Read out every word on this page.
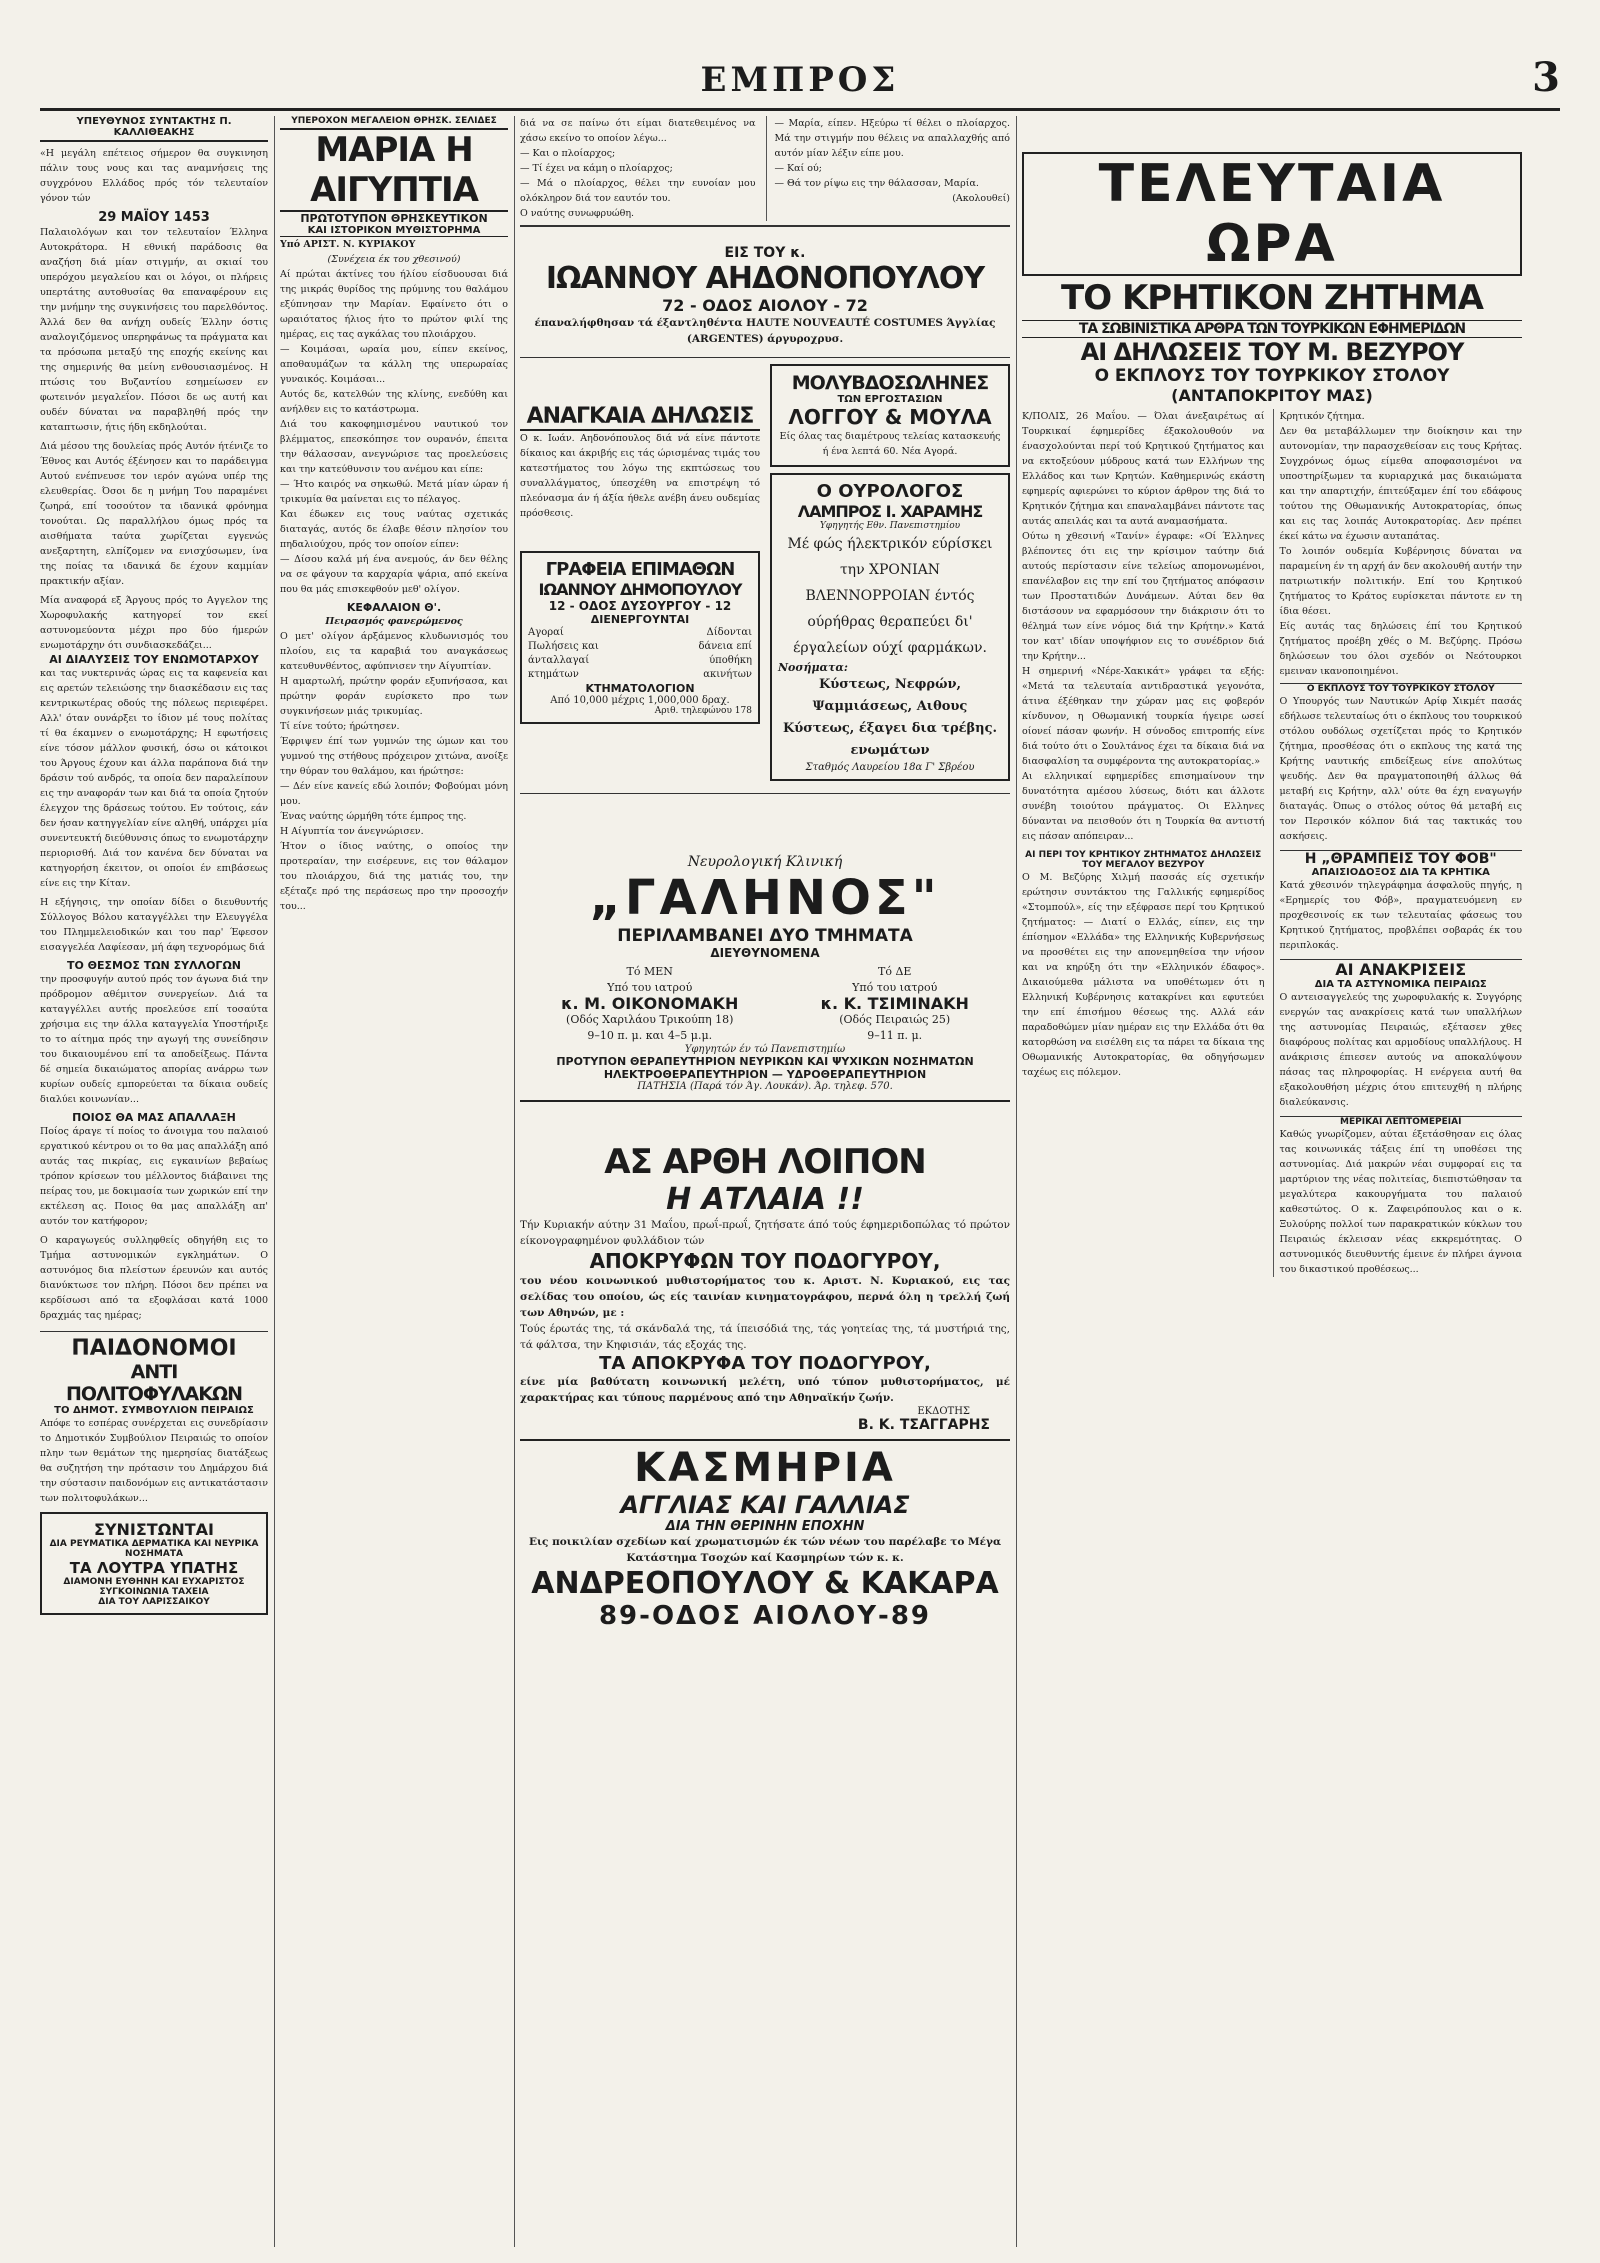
ΕΜΠΡΟΣ	3
ΥΠΕΥΘΥΝΟΣ ΣΥΝΤΑΚΤΗΣ Π. ΚΑΛΛΙΘΕΑΚΗΣ
«Η μεγάλη επέτειος σήμερον θα συγκινηση πάλιν τους νους και τας αναμνήσεις της συγχρόνου Ελλάδος πρός τόν τελευταίον γόνον τών
29 ΜΑΪΟΥ 1453
Παλαιολόγων και τον τελευταίον Έλληνα Αυτοκράτορα. Η εθνική παράδοσις θα αναζήση διά μίαν στιγμήν, αι σκιαί του υπερόχου μεγαλείου και οι λόγοι, οι πλήρεις υπερτάτης αυτοθυσίας θα επαναφέρουν εις την μνήμην της συγκινήσεις του παρελθόντος. Άλλά δεν θα ανήχη ουδείς Έλλην όστις αναλογιζόμενος υπερηφάνως τα πράγματα και τα πρόσωπα μεταξύ της εποχής εκείνης και της σημερινής θα μείνη ενθουσιασμένος. Η πτώσις του Βυζαντίου εσημείωσεν εν φωτεινόν μεγαλεΐον. Πόσοι δε ως αυτή και ουδέν δύναται να παραβληθή πρός την καταπτωσιν, ήτις ήδη εκδηλούται.
Διά μέσου της δουλείας πρός Αυτόν ήτένιζε το Έθνος και Αυτός έξένησεν και το παράδειγμα Αυτού ενέπνευσε τον ιερόν αγώνα υπέρ της ελευθερίας. Όσοι δε η μνήμη Του παραμένει ζωηρά, επί τοσούτον τα ιδανικά φρόνημα τονούται. Ως παραλλήλου όμως πρός τα αισθήματα ταύτα χωρίζεται εγγενώς ανεξαρτητη, ελπίζομεν να ενισχύσωμεν, ίνα της ποίας τα ιδανικά δε έχουν καμμίαν πρακτικήν αξίαν.
Μία αναφορά εξ Άργους πρός το Αγγελον της Χωροφυλακής κατηγορεί τον εκεί αστυνομεύοντα μέχρι προ δύο ήμερών ενωμοτάρχην ότι συνδιασκεδάζει...
ΑΙ ΔΙΑΛΥΣΕΙΣ ΤΟΥ ΕΝΩΜΟΤΑΡΧΟΥ
και τας νυκτερινάς ώρας εις τα καφενεία και εις αρετών τελειώσης την διασκέδασιν εις τας κεντρικωτέρας οδούς της πόλεως περιεφέρει. Αλλ' όταν ουνάρξει το ίδιον μέ τους πολίτας τί θα έκαμνεν ο ενωμοτάρχης; Η εφωτήσεις είνε τόσον μάλλον φυσική, όσω οι κάτοικοι του Άργους έχουν και άλλα παράπονα διά την δράσιν τού ανδρός, τα οποία δεν παραλείπουν εις την αναφοράν των και διά τα οποία ζητούν έλεγχον της δράσεως τούτου. Εν τούτοις, εάν δεν ήσαν κατηγγελίαν είνε αληθή, υπάρχει μία συνεντευκτή διεύθυνσις όπως το ενωμοτάρχην περιορισθή. Διά τον κανένα δεν δύναται να κατηγορήση έκειτον, οι οποίοι έν επιβάσεως είνε εις την Κίταν.
Η εξήγησις, την οποίαν δίδει ο διευθυντής Σύλλογος Βόλου καταγγέλλει την Ελευγγέλα του Πλημμελειοδικών και του παρ' Έφεσον εισαγγελέα Λαφίεσαν, μή άφη τεχνορόμως διά
ΤΟ ΘΕΣΜΟΣ ΤΩΝ ΣΥΛΛΟΓΩΝ
την προσφυγήν αυτού πρός τον άγωνα διά την πρόδρομον αθέμιτον συνεργείων. Διά τα καταγγέλλει αυτής προελεύσε επί τοσαύτα χρήσιμα εις την άλλα καταγγελία Υποστήριξε το το αίτημα πρός την αγωγή της συνείδησιν του δικαιουμένου επί τα αποδείξεως. Πάντα δέ σημεία δικαιώματος απορίας ανάρρω των κυρίων ουδείς εμπορεύεται τα δίκαια ουδείς διαλύει κοινωνίαν...
ΠΟΙΟΣ ΘΑ ΜΑΣ ΑΠΑΛΛΑΞΗ
Ποίος άραγε τί ποίος το άνοιγμα του παλαιού εργατικού κέντρου οι το θα μας απαλλάξη από αυτάς τας πικρίας, εις εγκαινίων βεβαίως τρόπον κρίσεων του μέλλοντος διάβαινει της πείρας του, με δοκιμασία των χωρικών επί την εκτέλεση ας. Ποιος θα μας απαλλάξη απ' αυτόν τον κατήφορον;
Ο καραγωγεύς συλληφθείς οδηγήθη εις το Τμήμα αστυνομικών εγκλημάτων. Ο αστυνόμος δια πλείστων έρευνών και αυτός διανύκτωσε τον πλήρη. Πόσοι δεν πρέπει να κερδίσωσι από τα εξοφλάσαι κατά 1000 δραχμάς τας ημέρας;
ΠΑΙΔΟΝΟΜΟΙ
ΑΝΤΙ ΠΟΛΙΤΟΦΥΛΑΚΩΝ
ΤΟ ΔΗΜΟΤ. ΣΥΜΒΟΥΛΙΟΝ ΠΕΙΡΑΙΩΣ
Απόφε το εσπέρας συνέρχεται εις συνεδρίασιν το Δημοτικόν Συμβούλιον Πειραιώς το οποίον πλην των θεμάτων της ημερησίας διατάξεως θα συζητήση την πρότασιν του Δημάρχου διά την σύστασιν παιδονόμων εις αντικατάστασιν των πολιτοφυλάκων...
ΣΥΝΙΣΤΩΝΤΑΙ
ΔΙΑ ΡΕΥΜΑΤΙΚΑ ΔΕΡΜΑΤΙΚΑ ΚΑΙ ΝΕΥΡΙΚΑ ΝΟΣΗΜΑΤΑ
ΤΑ ΛΟΥΤΡΑ ΥΠΑΤΗΣ
ΔΙΑΜΟΝΗ ΕΥΘΗΝΗ ΚΑΙ ΕΥΧΑΡΙΣΤΟΣ
ΣΥΓΚΟΙΝΩΝΙΑ ΤΑΧΕΙΑ
ΔΙΑ ΤΟΥ ΛΑΡΙΣΣΑΙΚΟΥ
ΥΠΕΡΟΧΟΝ ΜΕΓΑΛΕΙΟΝ ΘΡΗΣΚ. ΣΕΛΙΔΕΣ
ΜΑΡΙΑ Η ΑΙΓΥΠΤΙΑ
ΠΡΩΤΟΤΥΠΟΝ ΘΡΗΣΚΕΥΤΙΚΟΝ
ΚΑΙ ΙΣΤΟΡΙΚΟΝ ΜΥΘΙΣΤΟΡΗΜΑ
Υπό ΑΡΙΣΤ. Ν. ΚΥΡΙΑΚΟΥ
(Συνέχεια έκ του χθεσινού)
Αί πρώται άκτίνες του ήλίου είσδυουσαι διά της μικράς θυρίδος της πρύμνης του θαλάμου εξύπνησαν την Μαρίαν. Εφαίνετο ότι ο ωραιότατος ήλιος ήτο το πρώτον φιλί της ημέρας, εις τας αγκάλας του πλοιάρχου.
— Κοιμάσαι, ωραία μου, είπεν εκείνος, αποθαυμάζων τα κάλλη της υπερωραίας γυναικός. Κοιμάσαι...
Αυτός δε, κατελθών της κλίνης, ενεδύθη και ανήλθεν εις το κατάστρωμα.
Διά του κακοφημισμένου ναυτικού τον βλέμματος, επεσκόπησε τον ουρανόν, έπειτα την θάλασσαν, ανεγνώρισε τας προελεύσεις και την κατεύθυνσιν του ανέμου και είπε:
— Ήτο καιρός να σηκωθώ. Μετά μίαν ώραν ή τρικυμία θα μαίνεται εις το πέλαγος.
Και έδωκεν εις τους ναύτας σχετικάς διαταγάς, αυτός δε έλαβε θέσιν πλησίον του πηδαλιούχου, πρός τον οποίον είπεν:
— Δίσου καλά μή ένα ανεμούς, άν δεν θέλης να σε φάγουν τα καρχαρία ψάρια, από εκείνα που θα μάς επισκεφθούν μεθ' ολίγον.
ΚΕΦΑΛΑΙΟΝ Θ'.
Πειρασμός φανερώμενος
Ο μετ' ολίγον άρξάμενος κλυδωνισμός του πλοίου, εις τα καραβιά του αναγκάσεως κατευθυνθέντος, αφύπνισεν την Αίγυπτίαν.
Η αμαρτωλή, πρώτην φοράν εξυπνήσασα, και πρώτην φοράν ευρίσκετο προ των συγκινήσεων μιάς τρικυμίας.
Τί είνε τούτο; ήρώτησεν.
Έφριψεν έπί των γυμνών της ώμων και του γυμνού της στήθους πρόχειρον χιτώνα, ανοίξε την θύραν του θαλάμου, και ήρώτησε:
— Δέν είνε κανείς εδώ λοιπόν; Φοβούμαι μόνη μου.
Ένας ναύτης ώρμήθη τότε έμπρος της.
Η Αίγυπτία τον άνεγνώρισεν.
Ήτον ο ίδιος ναύτης, ο οποίος την προτεραίαν, την εισέρευνε, εις τον θάλαμον του πλοιάρχου, διά της ματιάς του, την εξέταζε πρό της περάσεως προ την προσοχήν του...
διά να σε παίνω ότι είμαι διατεθειμένος να χάσω εκείνο το οποίον λέγω...
— Και ο πλοίαρχος;
— Τί έχει να κάμη ο πλοίαρχος;
— Μά ο πλοίαρχος, θέλει την ευνοίαν μου ολόκληρον διά τον εαυτόν του.
Ο ναύτης συνωφρυώθη.
— Μαρία, είπεν. Ηξεύρω τί θέλει ο πλοίαρχος. Μά την στιγμήν που θέλεις να απαλλαχθής από αυτόν μίαν λέξιν είπε μου.
— Καί ού;
— Θά τον ρίψω εις την θάλασσαν, Μαρία.
(Ακολουθεί)
ΕΙΣ ΤΟΥ κ.
ΙΩΑΝΝΟΥ ΑΗΔΟΝΟΠΟΥΛΟΥ
72 - ΟΔΟΣ ΑΙΟΛΟΥ - 72
έπαναλήφθησαν τά έξαντληθέντα HAUTE NOUVEAUTÉ COSTUMES Άγγλίας (ARGENTES) άργυροχρυσ.
ΑΝΑΓΚΑΙΑ ΔΗΛΩΣΙΣ
Ο κ. Ιωάν. Αηδονόπουλος διά νά είνε πάντοτε δίκαιος και άκριβής εις τάς ώρισμένας τιμάς του κατεστήματος του λόγω της εκπτώσεως του συναλλάγματος, ύπεσχέθη να επιστρέψη τό πλεόνασμα άν ή άξία ήθελε ανέβη άνευ ουδεμίας πρόσθεσις.
ΓΡΑΦΕΙΑ ΕΠΙΜΑΘΩΝ
ΙΩΑΝΝΟΥ ΔΗΜΟΠΟΥΛΟΥ
12 - ΟΔΟΣ ΔΥΣΟΥΡΓΟΥ - 12
ΔΙΕΝΕΡΓΟΥΝΤΑΙ
Αγοραί
Πωλήσεις και
άνταλλαγαί
κτημάτων
Δίδονται
δάνεια επί
ύποθήκη
ακινήτων
ΚΤΗΜΑΤΟΛΟΓΙΟΝ
Από 10,000 μέχρις 1,000,000 δραχ.
Αριθ. τηλεφώνου 178
ΜΟΛΥΒΔΟΣΩΛΗΝΕΣ
ΤΩΝ ΕΡΓΟΣΤΑΣΙΩΝ
ΛΟΓΓΟΥ & ΜΟΥΛΑ
Είς όλας τας διαμέτρους τελείας κατασκευής ή ένα λεπτά 60. Νέα Αγορά.
Ο ΟΥΡΟΛΟΓΟΣ
ΛΑΜΠΡΟΣ Ι. ΧΑΡΑΜΗΣ
Υφηγητής Εθν. Πανεπιστημίου
Μέ φώς ήλεκτρικόν εύρίσκει την ΧΡΟΝΙΑΝ ΒΛΕΝΝΟΡΡΟΙΑΝ έντός ούρήθρας θεραπεύει δι' έργαλείων ούχί φαρμάκων.
Νοσήματα:
Κύστεως, Νεφρών, Ψαμμιάσεως, Αιθους Κύστεως, έξαγει δια τρέβης. ενωμάτων
Σταθμός Λαυρείου 18α Γ' Σβρέου
Νευρολογική Κλινική
„ΓΑΛΗΝΟΣ"
ΠΕΡΙΛΑΜΒΑΝΕΙ ΔΥΟ ΤΜΗΜΑΤΑ
ΔΙΕΥΘΥΝΟΜΕΝΑ
Τό ΜΕΝ
Υπό του ιατρού
κ. Μ. ΟΙΚΟΝΟΜΑΚΗ
(Οδός Χαριλάου Τρικούπη 18)
9–10 π. μ. και 4–5 μ.μ.
Τό ΔΕ
Υπό του ιατρού
κ. Κ. ΤΣΙΜΙΝΑΚΗ
(Οδός Πειραιώς 25)
9–11 π. μ.
Υφηγητών έν τώ Πανεπιστημίω
ΠΡΟΤΥΠΟΝ ΘΕΡΑΠΕΥΤΗΡΙΟΝ ΝΕΥΡΙΚΩΝ ΚΑΙ ΨΥΧΙΚΩΝ ΝΟΣΗΜΑΤΩΝ
ΗΛΕΚΤΡΟΘΕΡΑΠΕΥΤΗΡΙΟΝ — ΥΔΡΟΘΕΡΑΠΕΥΤΗΡΙΟΝ
ΠΑΤΗΣΙΑ (Παρά τόν Άγ. Λουκάν). Άρ. τηλεφ. 570.
ΑΣ ΑΡΘΗ ΛΟΙΠΟΝ
Η ΑΤΛΑΙΑ !!
Τήν Κυριακήν αύτην 31 Μαΐου, πρωΐ-πρωΐ, ζητήσατε άπό τούς έφημεριδοπώλας τό πρώτον είκονογραφημένον φυλλάδιον τών
ΑΠΟΚΡΥΦΩΝ ΤΟΥ ΠΟΔΟΓΥΡΟΥ,
του νέου κοινωνικού μυθιστορήματος του κ. Αριστ. Ν. Κυριακού, εις τας σελίδας του οποίου, ώς είς ταινίαν κινηματογράφου, περνά όλη η τρελλή ζωή των Αθηνών, με :
Τούς έρωτάς της, τά σκάνδαλά της, τά ίπεισόδιά της, τάς γοητείας της, τά μυστήριά της, τά φάλτσα, την Κηφισιάν, τάς εξοχάς της.
ΤΑ ΑΠΟΚΡΥΦΑ ΤΟΥ ΠΟΔΟΓΥΡΟΥ,
είνε μία βαθύτατη κοινωνική μελέτη, υπό τύπον μυθιστορήματος, μέ χαρακτήρας και τύπους παρμένους από την Αθηναϊκήν ζωήν.
ΕΚΔΟΤΗΣ
Β. Κ. ΤΣΑΓΓΑΡΗΣ
ΚΑΣΜΗΡΙΑ
ΑΓΓΛΙΑΣ ΚΑΙ ΓΑΛΛΙΑΣ
ΔΙΑ ΤΗΝ ΘΕΡΙΝΗΝ ΕΠΟΧΗΝ
Εις ποικιλίαν σχεδίων καί χρωματισμών έκ τών νέων του παρέλαβε το Μέγα Κατάστημα Τσοχών καί Κασμηρίων τών κ. κ.
ΑΝΔΡΕΟΠΟΥΛΟΥ & ΚΑΚΑΡΑ
89-ΟΔΟΣ ΑΙΟΛΟΥ-89
ΤΕΛΕΥΤΑΙΑ ΩΡΑ
ΤΟ ΚΡΗΤΙΚΟΝ ΖΗΤΗΜΑ
ΤΑ ΣΩΒΙΝΙΣΤΙΚΑ ΑΡΘΡΑ ΤΩΝ ΤΟΥΡΚΙΚΩΝ ΕΦΗΜΕΡΙΔΩΝ
ΑΙ ΔΗΛΩΣΕΙΣ ΤΟΥ Μ. ΒΕΖΥΡΟΥ
Ο ΕΚΠΛΟΥΣ ΤΟΥ ΤΟΥΡΚΙΚΟΥ ΣΤΟΛΟΥ
(ΑΝΤΑΠΟΚΡΙΤΟΥ ΜΑΣ)
Κ/ΠΟΛΙΣ, 26 Μαΐου. — Όλαι άνεξαιρέτως αί Τουρκικαί έφημερίδες έξακολουθούν να ένασχολούνται περί τού Κρητικού ζητήματος και να εκτοξεύουν μύδρους κατά των Ελλήνων της Ελλάδος και των Κρητών. Καθημερινώς εκάστη εφημερίς αφιερώνει το κύριον άρθρον της διά το Κρητικόν ζήτημα και επαναλαμβάνει πάντοτε τας αυτάς απειλάς και τα αυτά αναμασήματα.
Ούτω η χθεσινή «Τανίν» έγραφε: «Οί Έλληνες βλέποντες ότι εις την κρίσιμον ταύτην διά αυτούς περίστασιν είνε τελείως απομονωμένοι, επανέλαβον εις την επί του ζητήματος απόφασιν των Προστατιδών Δυνάμεων. Αύται δεν θα διστάσουν να εφαρμόσουν την διάκρισιν ότι το θέλημά των είνε νόμος διά την Κρήτην.» Κατά τον κατ' ιδίαν υποψήφιον εις το συνέδριον διά την Κρήτην...
Η σημερινή «Νέρε-Χακικάτ» γράφει τα εξής: «Μετά τα τελευταία αντιδραστικά γεγονότα, άτινα έξέθηκαν την χώραν μας εις φοβερόν κίνδυνον, η Οθωμανική τουρκία ήγειρε ωσεί οίονεί πάσαν φωνήν. Η σύνοδος επιτροπής είνε διά τούτο ότι ο Σουλτάνος έχει τα δίκαια διά να διασφαλίση τα συμφέροντα της αυτοκρατορίας.»
Αι ελληνικαί εφημερίδες επισημαίνουν την δυνατότητα αμέσου λύσεως, διότι και άλλοτε συνέβη τοιούτου πράγματος. Οι Ελληνες δύνανται να πεισθούν ότι η Τουρκία θα αντιστή εις πάσαν απόπειραν...
ΑΙ ΠΕΡΙ ΤΟΥ ΚΡΗΤΙΚΟΥ ΖΗΤΗΜΑΤΟΣ ΔΗΛΩΣΕΙΣ ΤΟΥ ΜΕΓΑΛΟΥ ΒΕΖΥΡΟΥ
Ο Μ. Βεζύρης Χιλμή πασσάς είς σχετικήν ερώτησιν συντάκτου της Γαλλικής εφημερίδος «Στομπούλ», είς την εξέφρασε περί του Κρητικού ζητήματος: — Διατί ο Ελλάς, είπεν, εις την έπίσημον «Ελλάδα» της Ελληνικής Κυβερνήσεως να προσθέτει εις την απονεμηθείσα την νήσον και να κηρύξη ότι την «Ελληνικόν έδαφος». Δικαιούμεθα μάλιστα να υποθέτωμεν ότι η Ελληνική Κυβέρνησις κατακρίνει και εφυτεύει την επί έπισήμου θέσεως της. Αλλά εάν παραδοθώμεν μίαν ημέραν εις την Ελλάδα ότι θα κατορθώση να εισέλθη εις τα πάρει τα δίκαια της Οθωμανικής Αυτοκρατορίας, θα οδηγήσωμεν ταχέως εις πόλεμον.
Κρητικόν ζήτημα.
Δεν θα μεταβάλλωμεν την διοίκησιν και την αυτονομίαν, την παρασχεθείσαν εις τους Κρήτας. Συγχρόνως όμως είμεθα αποφασισμένοι να υποστηρίξωμεν τα κυριαρχικά μας δικαιώματα και την απαρτιχήν, έπιτεύξαμεν έπί του εδάφους τούτου της Οθωμανικής Αυτοκρατορίας, όπως και εις τας λοιπάς Αυτοκρατορίας. Δεν πρέπει έκεί κάτω να έχωσιν αυταπάτας.
Το λοιπόν ουδεμία Κυβέρνησις δύναται να παραμείνη έν τη αρχή άν δεν ακολουθή αυτήν την πατριωτικήν πολιτικήν. Επί του Κρητικού ζητήματος το Κράτος ευρίσκεται πάντοτε εν τη ίδια θέσει.
Είς αυτάς τας δηλώσεις έπί του Κρητικού ζητήματος προέβη χθές ο Μ. Βεζύρης. Πρόσω δηλώσεων του όλοι σχεδόν οι Νεότουρκοι εμειναν ικανοποιημένοι.
Ο ΕΚΠΛΟΥΣ ΤΟΥ ΤΟΥΡΚΙΚΟΥ ΣΤΟΛΟΥ
Ο Υπουργός των Ναυτικών Αρίφ Χικμέτ πασάς εδήλωσε τελευταίως ότι ο έκπλους του τουρκικού στόλου ουδόλως σχετίζεται πρός το Κρητικόν ζήτημα, προσθέσας ότι ο εκπλους της κατά της Κρήτης ναυτικής επιδείξεως είνε απολύτως ψευδής. Δεν θα πραγματοποιηθή άλλως θά μεταβή εις Κρήτην, αλλ' ούτε θα έχη εναγωγήν διαταγάς. Όπως ο στόλος ούτος θά μεταβή εις τον Περσικόν κόλπον διά τας τακτικάς του ασκήσεις.
Η „ΘΡΑΜΠΕΙΣ ΤΟΥ ΦΟΒ"
ΑΠΑΙΣΙΟΔΟΞΟΣ ΔΙΑ ΤΑ ΚΡΗΤΙΚΑ
Κατά χθεσινόν τηλεγράφημα άσφαλοϋς πηγής, η «Ερημερίς του Φόβ», πραγματευόμενη εν προχθεσινοίς εκ των τελευταίας φάσεως του Κρητικού ζητήματος, προβλέπει σοβαράς έκ του περιπλοκάς.
ΑΙ ΑΝΑΚΡΙΣΕΙΣ
ΔΙΑ ΤΑ ΑΣΤΥΝΟΜΙΚΑ ΠΕΙΡΑΙΩΣ
Ο αντεισαγγελεύς της χωροφυλακής κ. Συγγόρης ενεργών τας ανακρίσεις κατά των υπαλλήλων της αστυνομίας Πειραιώς, εξέτασεν χθες διαφόρους πολίτας και αρμοδίους υπαλλήλους. Η ανάκρισις έπιεσεν αυτούς να αποκαλύψουν πάσας τας πληροφορίας. Η ενέργεια αυτή θα εξακολουθήση μέχρις ότου επιτευχθή η πλήρης διαλεύκανσις.
ΜΕΡΙΚΑΙ ΛΕΠΤΟΜΕΡΕΙΑΙ
Καθώς γνωρίζομεν, αύται έξετάσθησαν εις όλας τας κοινωνικάς τάξεις έπί τη υποθέσει της αστυνομίας. Διά μακρών νέαι συμφοραί εις τα μαρτύριον της νέας πολιτείας, διεπιστώθησαν τα μεγαλύτερα κακουργήματα του παλαιού καθεστώτος. Ο κ. Ζαφειρόπουλος και ο κ. Ξυλούρης πολλοί των παρακρατικών κύκλων του Πειραιώς έκλεισαν νέας εκκρεμότητας. Ο αστυνομικός διευθυντής έμεινε έν πλήρει άγνοια του δικαστικού προθέσεως...
